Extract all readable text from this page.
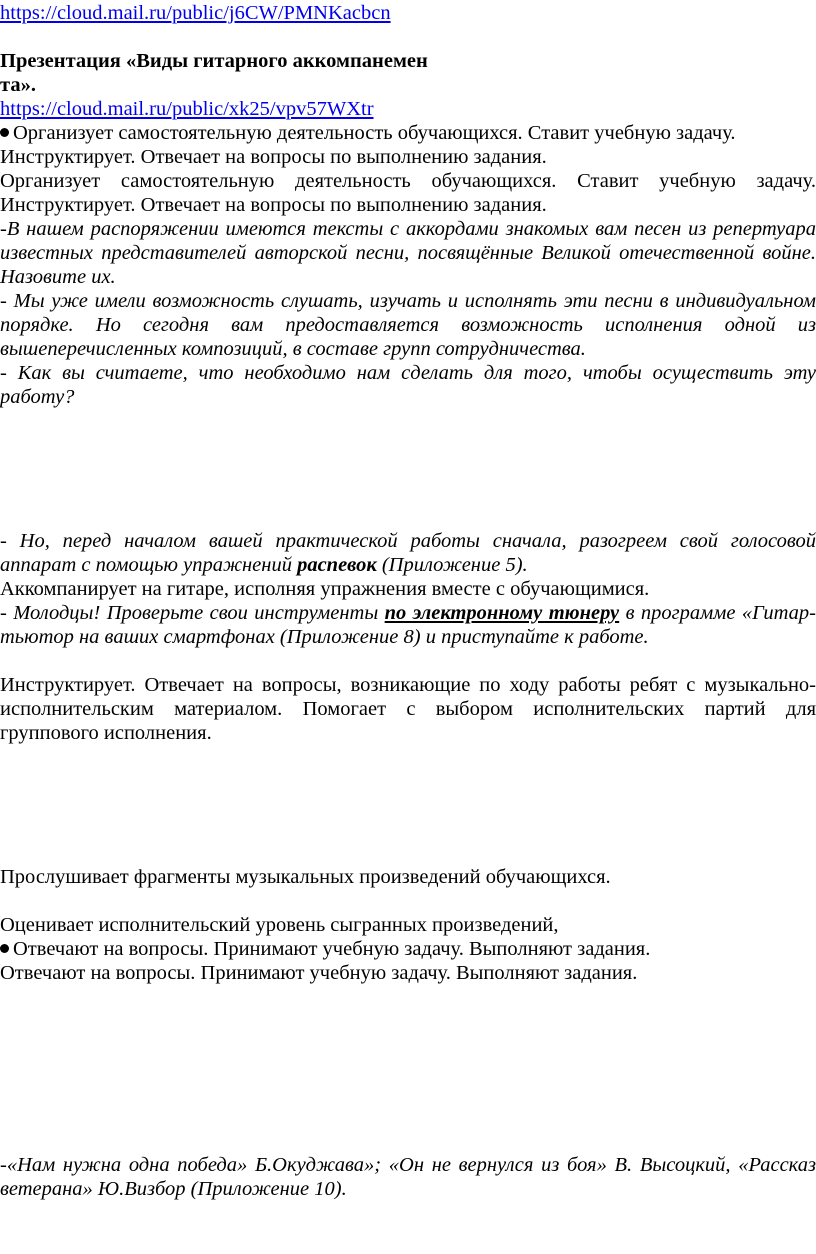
https://cloud.mail.ru/public/j6CW/PMNKacbcn
Презентация «Виды гитарного аккомпанемен
та».
https://cloud.mail.ru/public/xk25/vpv57WXtr
Организует самостоятельную деятельность обучающихся. Ставит учебную задачу.
Инструктирует. Отвечает на вопросы по выполнению задания.
Организует самостоятельную деятельность обучающихся. Ставит учебную задачу.
Инструктирует. Отвечает на вопросы по выполнению задания.
-В нашем распоряжении имеются тексты с аккордами знакомых вам песен из репертуара
известных представителей авторской песни, посвящённые Великой отечественной войне.
Назовите их.
- Мы уже имели возможность слушать, изучать и исполнять эти песни в индивидуальном
порядке. Но сегодня вам предоставляется возможность исполнения одной из
вышеперечисленных композиций, в составе групп сотрудничества.
- Как вы считаете, что необходимо нам сделать для того, чтобы осуществить эту
работу?
- Но, перед началом вашей практической работы сначала, разогреем свой голосовой
аппарат с помощью упражнений распевок (Приложение 5).
Аккомпанирует на гитаре, исполняя упражнения вместе с обучающимися.
- Молодцы! Проверьте свои инструменты по электронному тюнеру в программе «Гитар-
тьютор на ваших смартфонах (Приложение 8) и приступайте к работе.
Инструктирует. Отвечает на вопросы, возникающие по ходу работы ребят с музыкально-
исполнительским материалом. Помогает с выбором исполнительских партий для
группового исполнения.
Прослушивает фрагменты музыкальных произведений обучающихся.
Оценивает исполнительский уровень сыгранных произведений,
Отвечают на вопросы. Принимают учебную задачу. Выполняют задания.
Отвечают на вопросы. Принимают учебную задачу. Выполняют задания.
-«Нам нужна одна победа» Б.Окуджава»; «Он не вернулся из боя» В. Высоцкий, «Рассказ
ветерана» Ю.Визбор (Приложение 10).
